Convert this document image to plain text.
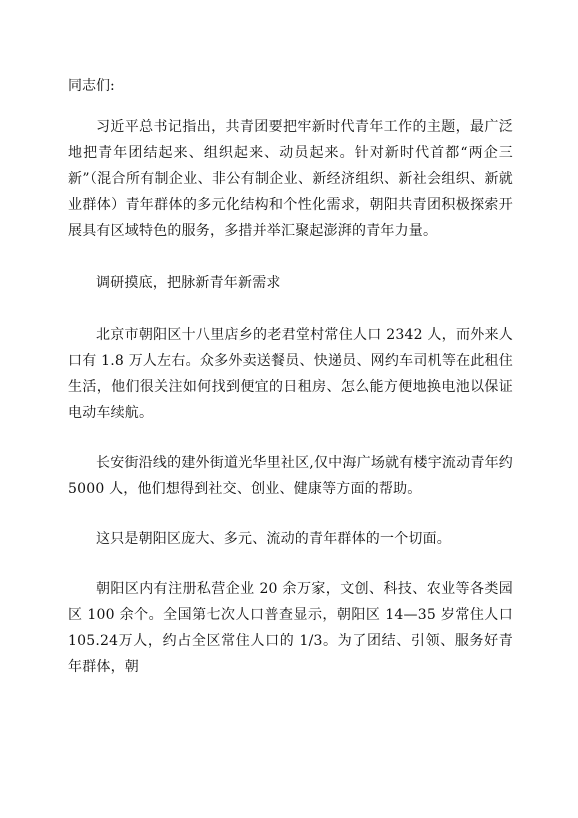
同志们:

习近平总书记指出，共青团要把牢新时代青年工作的主题，最广泛地把青年团结起来、组织起来、动员起来。针对新时代首都“两企三新”（混合所有制企业、非公有制企业、新经济组织、新社会组织、新就业群体）青年群体的多元化结构和个性化需求，朝阳共青团积极探索开展具有区域特色的服务，多措并举汇聚起澎湃的青年力量。

调研摸底，把脉新青年新需求

北京市朝阳区十八里店乡的老君堂村常住人口 2342 人，而外来人口有 1.8 万人左右。众多外卖送餐员、快递员、网约车司机等在此租住生活，他们很关注如何找到便宜的日租房、怎么能方便地换电池以保证电动车续航。

长安街沿线的建外街道光华里社区,仅中海广场就有楼宇流动青年约 5000 人，他们想得到社交、创业、健康等方面的帮助。

这只是朝阳区庞大、多元、流动的青年群体的一个切面。

朝阳区内有注册私营企业 20 余万家，文创、科技、农业等各类园区 100 余个。全国第七次人口普查显示，朝阳区 14—35 岁常住人口 105.24万人，约占全区常住人口的 1/3。为了团结、引领、服务好青年群体，朝
